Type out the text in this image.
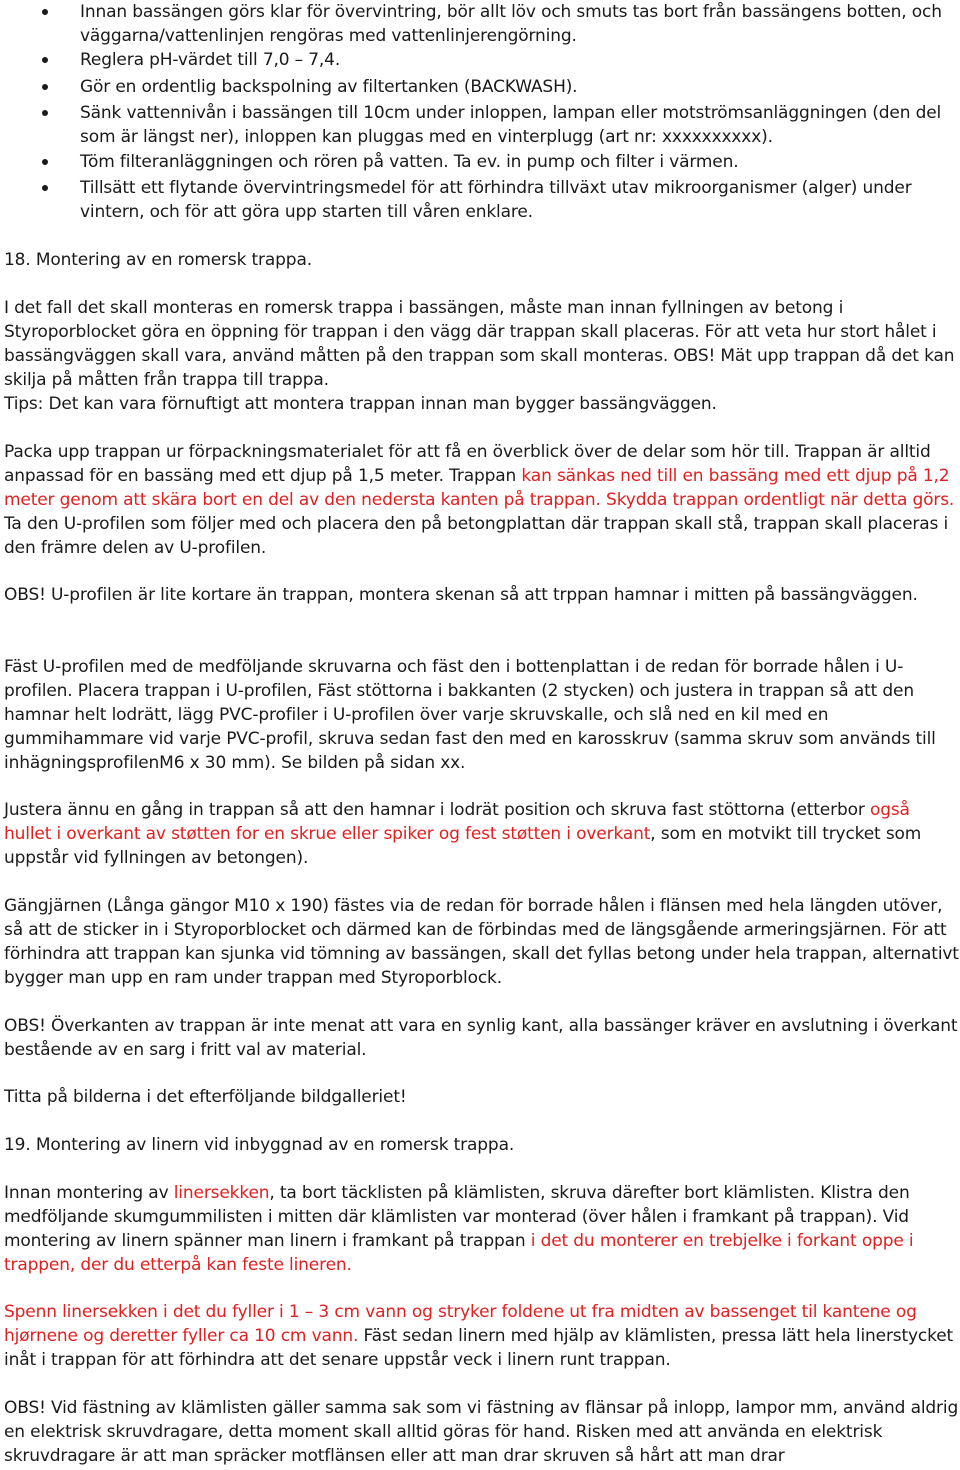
Innan bassängen görs klar för övervintring, bör allt löv och smuts tas bort från bassängens botten, och väggarna/vattenlinjen rengöras med vattenlinjerengörning.
Reglera pH-värdet till 7,0 – 7,4.
Gör en ordentlig backspolning av filtertanken (BACKWASH).
Sänk vattennivån i bassängen till 10cm under inloppen, lampan eller motströmsanläggningen (den del som är längst ner), inloppen kan pluggas med en vinterplugg (art nr: xxxxxxxxxx).
Töm filteranläggningen och rören på vatten. Ta ev. in pump och filter i värmen.
Tillsätt ett flytande övervintringsmedel för att förhindra tillväxt utav mikroorganismer (alger) under vintern, och för att göra upp starten till våren enklare.

18. Montering av en romersk trappa.

I det fall det skall monteras en romersk trappa i bassängen, måste man innan fyllningen av betong i Styroporblocket göra en öppning för trappan i den vägg där trappan skall placeras. För att veta hur stort hålet i bassängväggen skall vara, använd måtten på den trappan som skall monteras. OBS! Mät upp trappan då det kan skilja på måtten från trappa till trappa.

Tips: Det kan vara förnuftigt att montera trappan innan man bygger bassängväggen.

Packa upp trappan ur förpackningsmaterialet för att få en överblick över de delar som hör till. Trappan är alltid anpassad för en bassäng med ett djup på 1,5 meter. Trappan kan sänkas ned till en bassäng med ett djup på 1,2 meter genom att skära bort en del av den nedersta kanten på trappan. Skydda trappan ordentligt när detta görs. Ta den U-profilen som följer med och placera den på betongplattan där trappan skall stå, trappan skall placeras i den främre delen av U-profilen.

OBS! U-profilen är lite kortare än trappan, montera skenan så att trppan hamnar i mitten på bassängväggen.

Fäst U-profilen med de medföljande skruvarna och fäst den i bottenplattan i de redan för borrade hålen i U-profilen. Placera trappan i U-profilen, Fäst stöttorna i bakkanten (2 stycken) och justera in trappan så att den hamnar helt lodrätt, lägg PVC-profiler i U-profilen över varje skruvskalle, och slå ned en kil med en gummihammare vid varje PVC-profil, skruva sedan fast den med en karosskruv (samma skruv som används till inhägningsprofilenM6 x 30 mm). Se bilden på sidan xx.

Justera ännu en gång in trappan så att den hamnar i lodrät position och skruva fast stöttorna (etterbor også hullet i overkant av støtten for en skrue eller spiker og fest støtten i overkant, som en motvikt till trycket som uppstår vid fyllningen av betongen).

Gängjärnen (Långa gängor M10 x 190) fästes via de redan för borrade hålen i flänsen med hela längden utöver, så att de sticker in i Styroporblocket och därmed kan de förbindas med de längsgående armeringsjärnen. För att förhindra att trappan kan sjunka vid tömning av bassängen, skall det fyllas betong under hela trappan, alternativt bygger man upp en ram under trappan med Styroporblock.

OBS! Överkanten av trappan är inte menat att vara en synlig kant, alla bassänger kräver en avslutning i överkant bestående av en sarg i fritt val av material.

Titta på bilderna i det efterföljande bildgalleriet!

19. Montering av linern vid inbyggnad av en romersk trappa.

Innan montering av linersekken, ta bort täcklisten på klämlisten, skruva därefter bort klämlisten. Klistra den medföljande skumgummilisten i mitten där klämlisten var monterad (över hålen i framkant på trappan). Vid montering av linern spänner man linern i framkant på trappan i det du monterer en trebjelke i forkant oppe i trappen, der du etterpå kan feste lineren.

Spenn linersekken i det du fyller i 1 – 3 cm vann og stryker foldene ut fra midten av bassenget til kantene og hjørnene og deretter fyller ca 10 cm vann. Fäst sedan linern med hjälp av klämlisten, pressa lätt hela linerstycket inåt i trappan för att förhindra att det senare uppstår veck i linern runt trappan.

OBS! Vid fästning av klämlisten gäller samma sak som vi fästning av flänsar på inlopp, lampor mm, använd aldrig en elektrisk skruvdragare, detta moment skall alltid göras för hand. Risken med att använda en elektrisk skruvdragare är att man spräcker motflänsen eller att man drar skruven så hårt att man drar
